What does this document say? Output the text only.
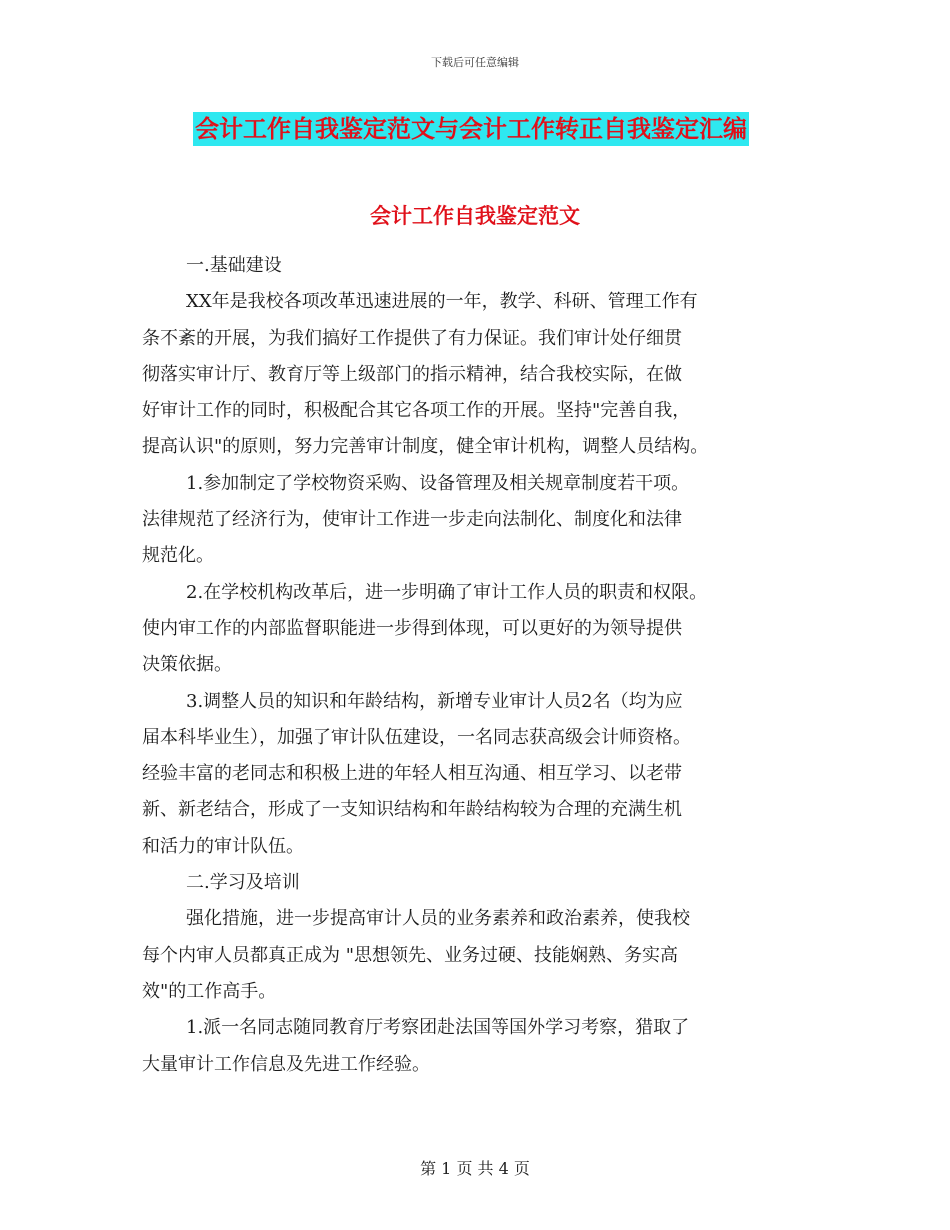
下载后可任意编辑
会计工作自我鉴定范文与会计工作转正自我鉴定汇编
会计工作自我鉴定范文
一.基础建设
XX年是我校各项改革迅速进展的一年，教学、科研、管理工作有
条不紊的开展，为我们搞好工作提供了有力保证。我们审计处仔细贯
彻落实审计厅、教育厅等上级部门的指示精神，结合我校实际，在做
好审计工作的同时，积极配合其它各项工作的开展。坚持"完善自我，
提高认识"的原则，努力完善审计制度，健全审计机构，调整人员结构。
1.参加制定了学校物资采购、设备管理及相关规章制度若干项。
法律规范了经济行为，使审计工作进一步走向法制化、制度化和法律
规范化。
2.在学校机构改革后，进一步明确了审计工作人员的职责和权限。
使内审工作的内部监督职能进一步得到体现，可以更好的为领导提供
决策依据。
3.调整人员的知识和年龄结构，新增专业审计人员2名（均为应
届本科毕业生），加强了审计队伍建设，一名同志获高级会计师资格。
经验丰富的老同志和积极上进的年轻人相互沟通、相互学习、以老带
新、新老结合，形成了一支知识结构和年龄结构较为合理的充满生机
和活力的审计队伍。
二.学习及培训
强化措施，进一步提高审计人员的业务素养和政治素养，使我校
每个内审人员都真正成为 "思想领先、业务过硬、技能娴熟、务实高
效"的工作高手。
1.派一名同志随同教育厅考察团赴法国等国外学习考察，猎取了
大量审计工作信息及先进工作经验。
第 1 页 共 4 页
